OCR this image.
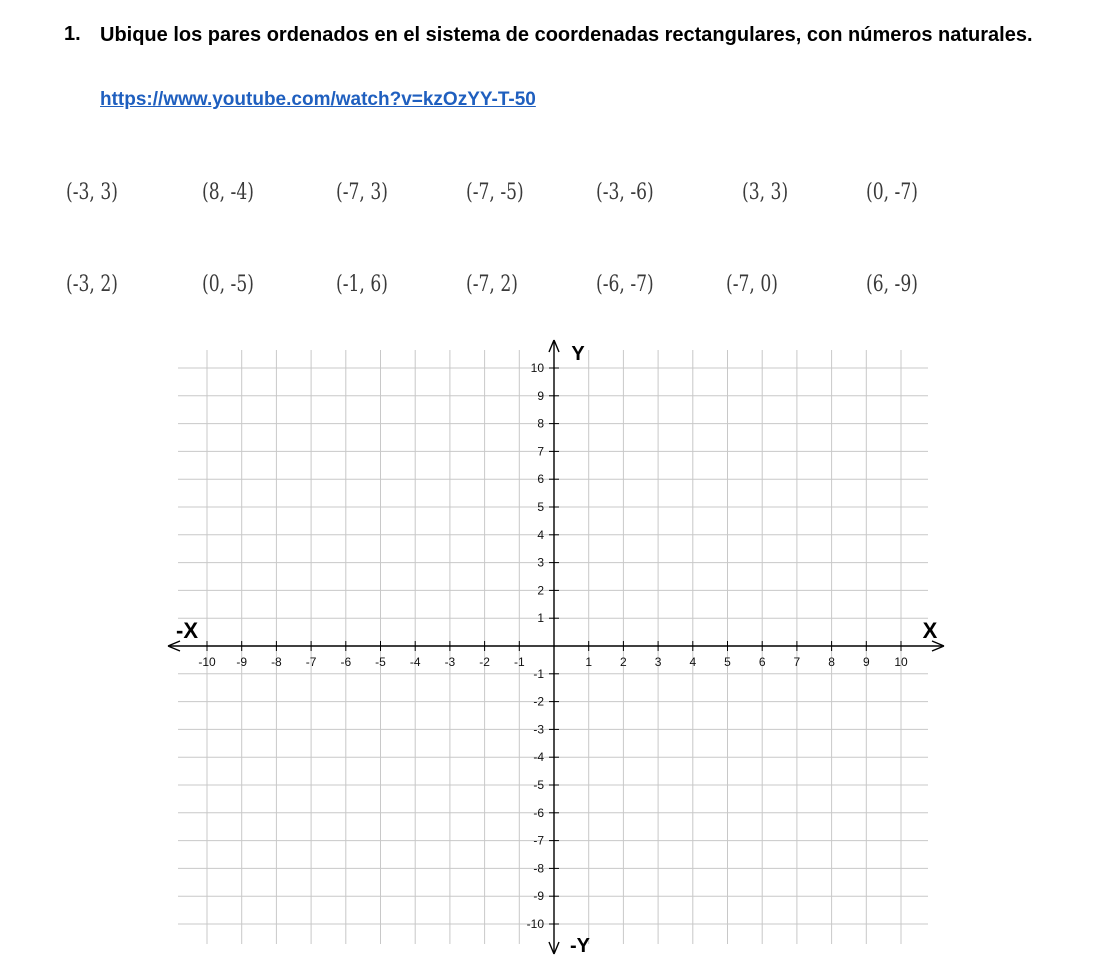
1. Ubique los pares ordenados en el sistema de coordenadas rectangulares, con números naturales.
https://www.youtube.com/watch?v=kzOzYY-T-50
(-3, 3)	(8, -4)	(-7, 3)	(-7, -5)	(-3, -6)	(3, 3)	(0, -7)
(-3, 2)	(0, -5)	(-1, 6)	(-7, 2)	(-6, -7)	(-7, 0)	(6, -9)
-10 -9 -8 -7 -6 -5 -4 -3 -2 -1	1 2 3 4 5 6 7 8 9 10
1
2
3
4
5
6
7
8
9
10
-1
-2
-3
-4
-5
-6
-7
-8
-9
-10
X
-X
Y
-Y
